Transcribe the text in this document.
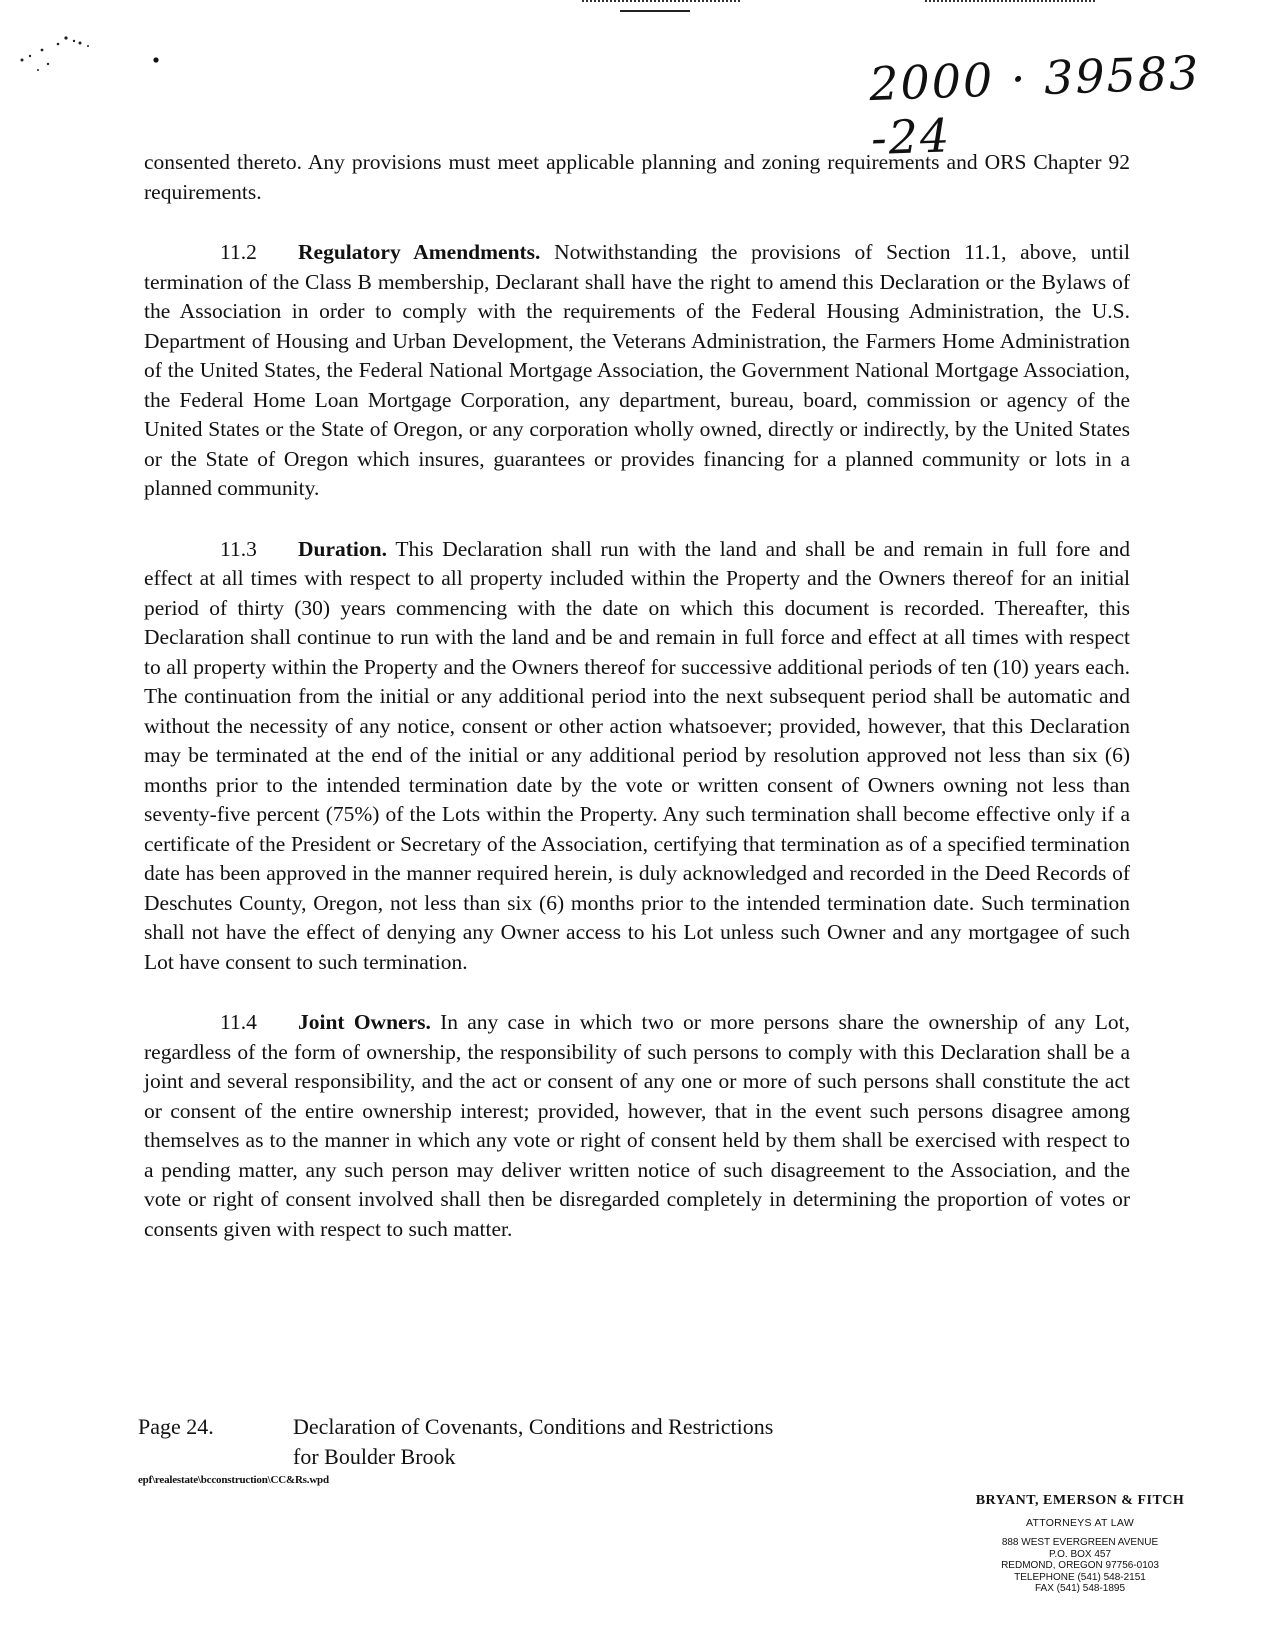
2000 · 39583 -24

consented thereto. Any provisions must meet applicable planning and zoning requirements and ORS Chapter 92 requirements.

11.2 Regulatory Amendments. Notwithstanding the provisions of Section 11.1, above, until termination of the Class B membership, Declarant shall have the right to amend this Declaration or the Bylaws of the Association in order to comply with the requirements of the Federal Housing Administration, the U.S. Department of Housing and Urban Development, the Veterans Administration, the Farmers Home Administration of the United States, the Federal National Mortgage Association, the Government National Mortgage Association, the Federal Home Loan Mortgage Corporation, any department, bureau, board, commission or agency of the United States or the State of Oregon, or any corporation wholly owned, directly or indirectly, by the United States or the State of Oregon which insures, guarantees or provides financing for a planned community or lots in a planned community.

11.3 Duration. This Declaration shall run with the land and shall be and remain in full fore and effect at all times with respect to all property included within the Property and the Owners thereof for an initial period of thirty (30) years commencing with the date on which this document is recorded. Thereafter, this Declaration shall continue to run with the land and be and remain in full force and effect at all times with respect to all property within the Property and the Owners thereof for successive additional periods of ten (10) years each. The continuation from the initial or any additional period into the next subsequent period shall be automatic and without the necessity of any notice, consent or other action whatsoever; provided, however, that this Declaration may be terminated at the end of the initial or any additional period by resolution approved not less than six (6) months prior to the intended termination date by the vote or written consent of Owners owning not less than seventy-five percent (75%) of the Lots within the Property. Any such termination shall become effective only if a certificate of the President or Secretary of the Association, certifying that termination as of a specified termination date has been approved in the manner required herein, is duly acknowledged and recorded in the Deed Records of Deschutes County, Oregon, not less than six (6) months prior to the intended termination date. Such termination shall not have the effect of denying any Owner access to his Lot unless such Owner and any mortgagee of such Lot have consent to such termination.

11.4 Joint Owners. In any case in which two or more persons share the ownership of any Lot, regardless of the form of ownership, the responsibility of such persons to comply with this Declaration shall be a joint and several responsibility, and the act or consent of any one or more of such persons shall constitute the act or consent of the entire ownership interest; provided, however, that in the event such persons disagree among themselves as to the manner in which any vote or right of consent held by them shall be exercised with respect to a pending matter, any such person may deliver written notice of such disagreement to the Association, and the vote or right of consent involved shall then be disregarded completely in determining the proportion of votes or consents given with respect to such matter.

Page 24.	Declaration of Covenants, Conditions and Restrictions
for Boulder Brook
epf\realestate\bcconstruction\CC&Rs.wpd
BRYANT, EMERSON & FITCH
ATTORNEYS AT LAW
888 WEST EVERGREEN AVENUE
P.O. BOX 457
REDMOND, OREGON 97756-0103
TELEPHONE (541) 548-2151
FAX (541) 548-1895
